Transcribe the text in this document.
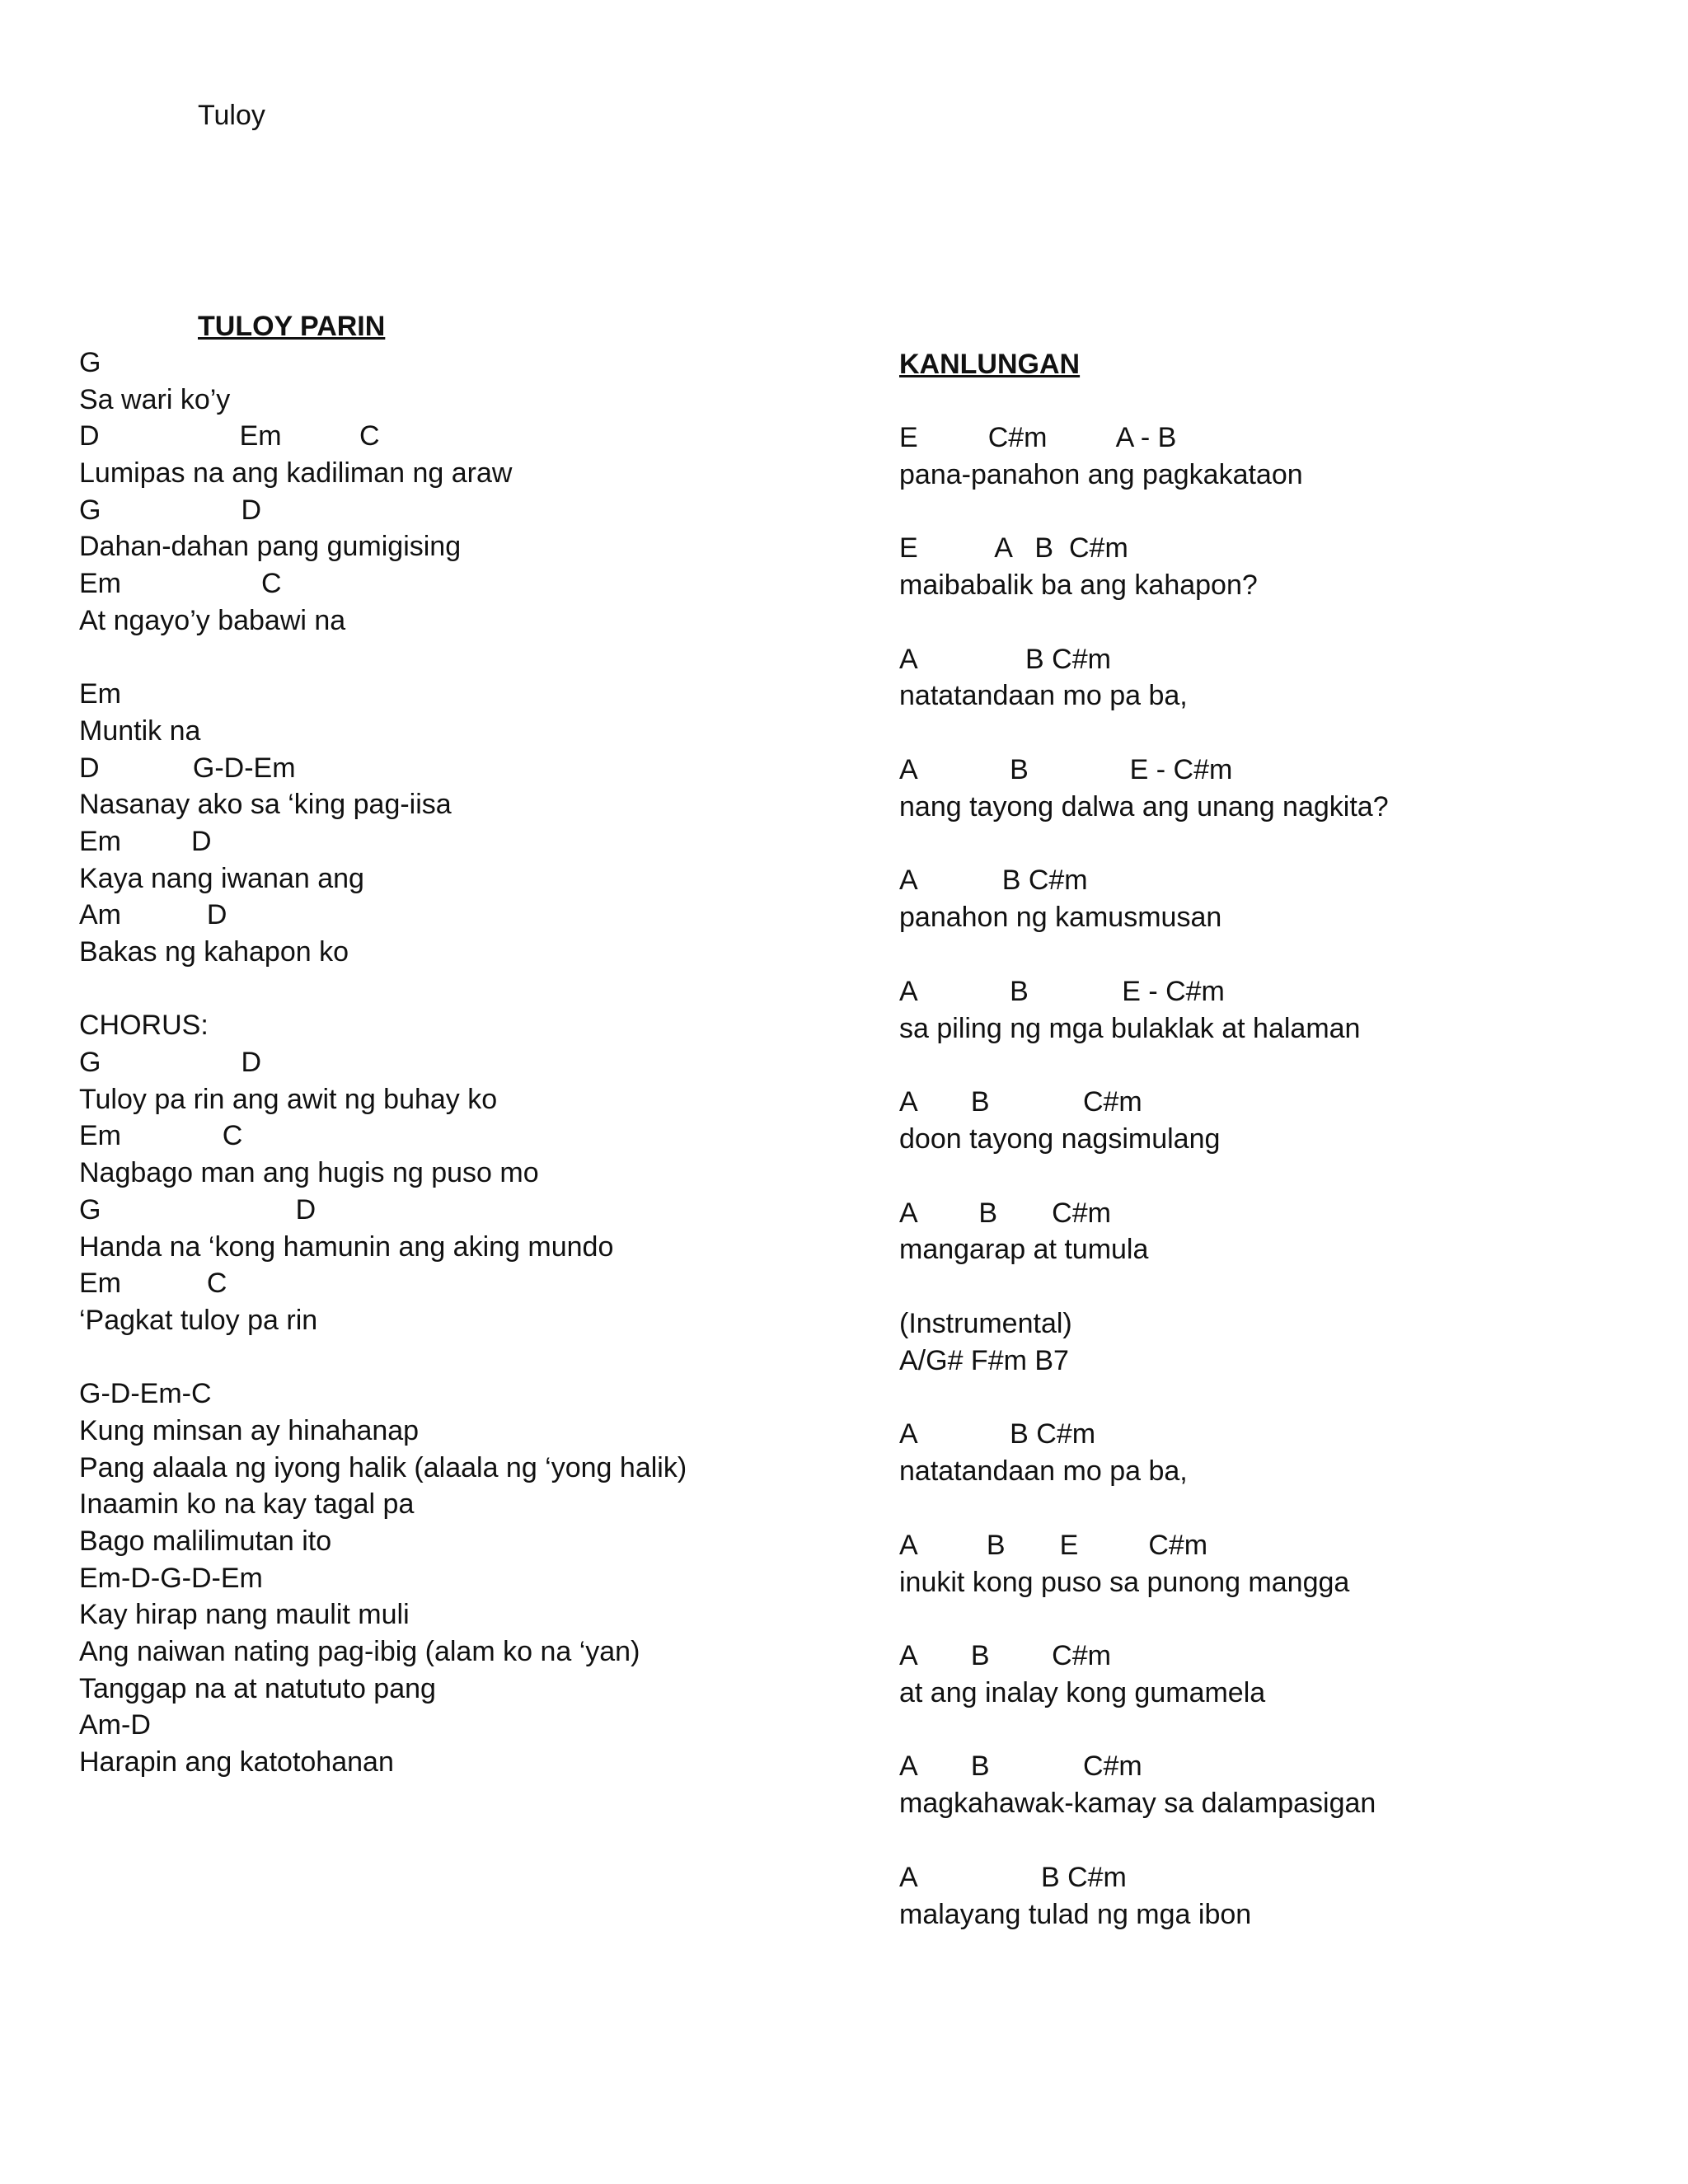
Tuloy
TULOY PARIN
G
Sa wari ko’y
D                  Em          C
Lumipas na ang kadiliman ng araw
G                  D
Dahan-dahan pang gumigising
Em                  C
At ngayo’y babawi na
Em
Muntik na
D            G-D-Em
Nasanay ako sa ‘king pag-iisa
Em         D
Kaya nang iwanan ang
Am           D
Bakas ng kahapon ko
CHORUS:
G                  D
Tuloy pa rin ang awit ng buhay ko
Em             C
Nagbago man ang hugis ng puso mo
G                         D
Handa na ‘kong hamunin ang aking mundo
Em           C
‘Pagkat tuloy pa rin
G-D-Em-C
Kung minsan ay hinahanap
Pang alaala ng iyong halik (alaala ng ‘yong halik)
Inaamin ko na kay tagal pa
Bago malilimutan ito
Em-D-G-D-Em
Kay hirap nang maulit muli
Ang naiwan nating pag-ibig (alam ko na ‘yan)
Tanggap na at natututo pang
Am-D
Harapin ang katotohanan
KANLUNGAN
E         C#m         A - B
pana-panahon ang pagkakataon
E          A   B  C#m
maibabalik ba ang kahapon?
A              B C#m
natatandaan mo pa ba,
A            B             E - C#m
nang tayong dalwa ang unang nagkita?
A           B C#m
panahon ng kamusmusan
A            B            E - C#m
sa piling ng mga bulaklak at halaman
A       B            C#m
doon tayong nagsimulang
A        B       C#m
mangarap at tumula
(Instrumental)
A/G# F#m B7
A            B C#m
natatandaan mo pa ba,
A         B       E         C#m
inukit kong puso sa punong mangga
A       B        C#m
at ang inalay kong gumamela
A       B            C#m
magkahawak-kamay sa dalampasigan
A                B C#m
malayang tulad ng mga ibon
